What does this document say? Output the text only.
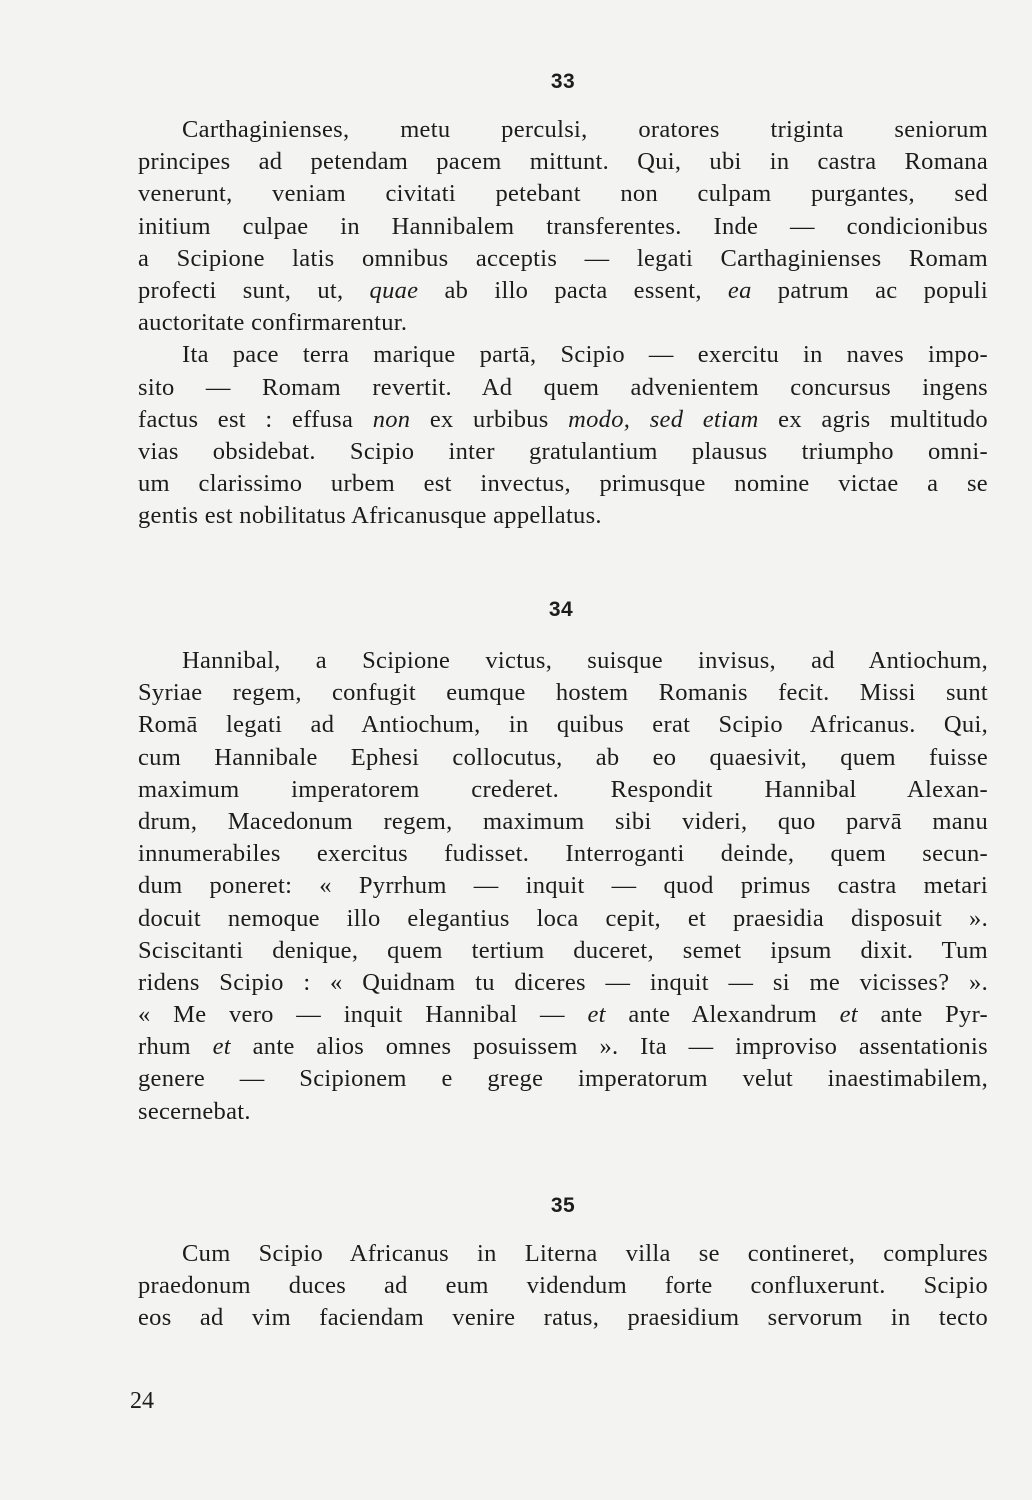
33
Carthaginienses, metu perculsi, oratores triginta seniorum
principes ad petendam pacem mittunt. Qui, ubi in castra Romana
venerunt, veniam civitati petebant non culpam purgantes, sed
initium culpae in Hannibalem transferentes. Inde — condicionibus
a Scipione latis omnibus acceptis — legati Carthaginienses Romam
profecti sunt, ut, quae ab illo pacta essent, ea patrum ac populi
auctoritate confirmarentur.
Ita pace terra marique partā, Scipio — exercitu in naves impo-
sito — Romam revertit. Ad quem advenientem concursus ingens
factus est : effusa non ex urbibus modo, sed etiam ex agris multitudo
vias obsidebat. Scipio inter gratulantium plausus triumpho omni-
um clarissimo urbem est invectus, primusque nomine victae a se
gentis est nobilitatus Africanusque appellatus.
34
Hannibal, a Scipione victus, suisque invisus, ad Antiochum,
Syriae regem, confugit eumque hostem Romanis fecit. Missi sunt
Romā legati ad Antiochum, in quibus erat Scipio Africanus. Qui,
cum Hannibale Ephesi collocutus, ab eo quaesivit, quem fuisse
maximum imperatorem crederet. Respondit Hannibal Alexan-
drum, Macedonum regem, maximum sibi videri, quo parvā manu
innumerabiles exercitus fudisset. Interroganti deinde, quem secun-
dum poneret: « Pyrrhum — inquit — quod primus castra metari
docuit nemoque illo elegantius loca cepit, et praesidia disposuit ».
Sciscitanti denique, quem tertium duceret, semet ipsum dixit. Tum
ridens Scipio : « Quidnam tu diceres — inquit — si me vicisses? ».
« Me vero — inquit Hannibal — et ante Alexandrum et ante Pyr-
rhum et ante alios omnes posuissem ». Ita — improviso assentationis
genere — Scipionem e grege imperatorum velut inaestimabilem,
secernebat.
35
Cum Scipio Africanus in Literna villa se contineret, complures
praedonum duces ad eum videndum forte confluxerunt. Scipio
eos ad vim faciendam venire ratus, praesidium servorum in tecto
24
